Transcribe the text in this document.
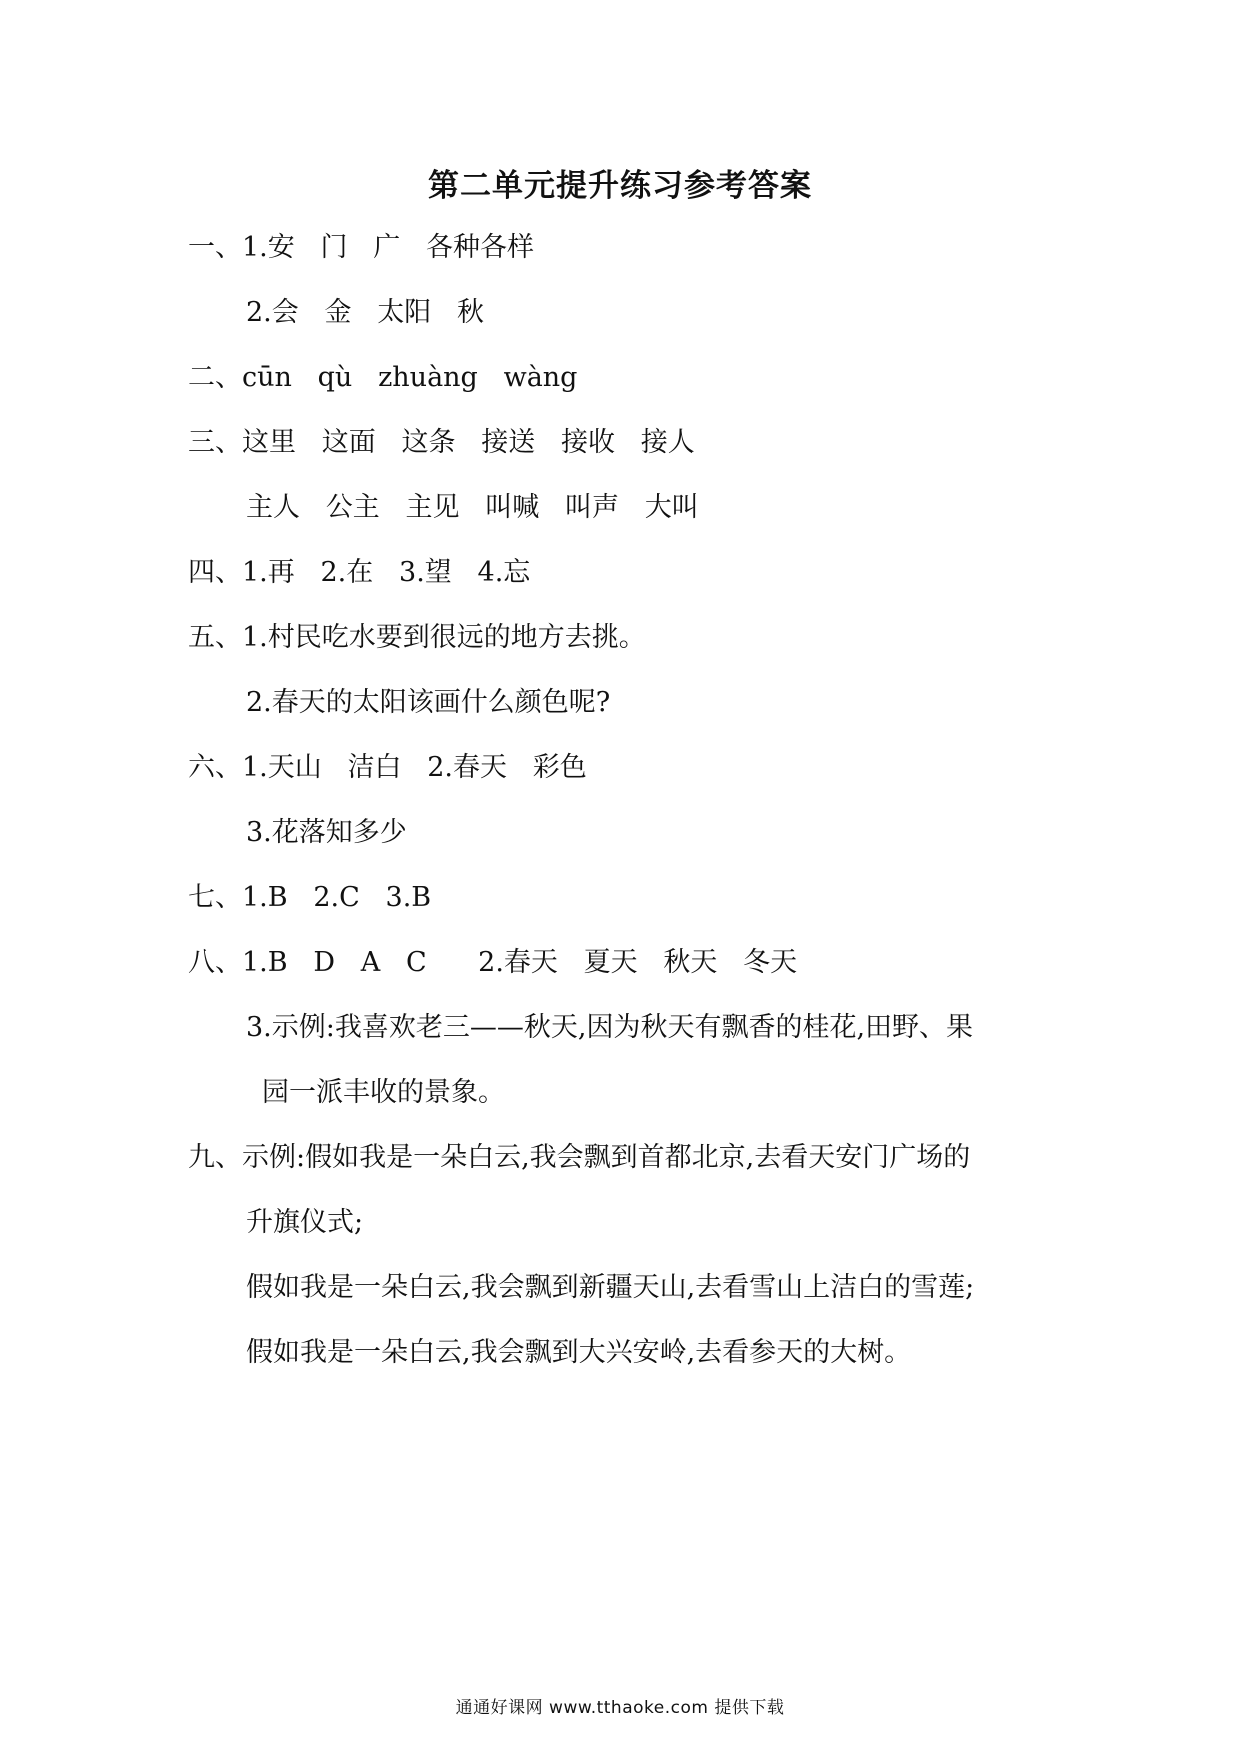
第二单元提升练习参考答案
一、1.安   门   广   各种各样
2.会   金   太阳   秋
二、cūn   qù   zhuàng   wàng
三、这里   这面   这条   接送   接收   接人
主人   公主   主见   叫喊   叫声   大叫
四、1.再   2.在   3.望   4.忘
五、1.村民吃水要到很远的地方去挑。
2.春天的太阳该画什么颜色呢?
六、1.天山   洁白   2.春天   彩色
3.花落知多少
七、1.B   2.C   3.B
八、1.B   D   A   C      2.春天   夏天   秋天   冬天
3.示例:我喜欢老三——秋天,因为秋天有飘香的桂花,田野、果
园一派丰收的景象。
九、示例:假如我是一朵白云,我会飘到首都北京,去看天安门广场的
升旗仪式;
假如我是一朵白云,我会飘到新疆天山,去看雪山上洁白的雪莲;
假如我是一朵白云,我会飘到大兴安岭,去看参天的大树。
通通好课网 www.tthaoke.com 提供下载
